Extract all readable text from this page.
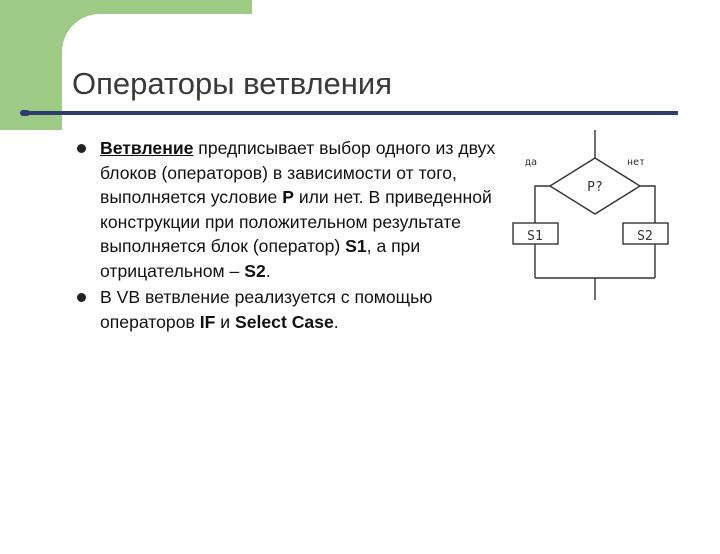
Операторы ветвления
Ветвление предписывает выбор одного из двух блоков (операторов) в зависимости от того, выполняется условие P или нет. В приведенной конструкции при положительном результате выполняется блок (оператор) S1, а при отрицательном – S2.
В VB ветвление реализуется с помощью операторов IF и Select Case.
P?
да	нет
S1	S2
